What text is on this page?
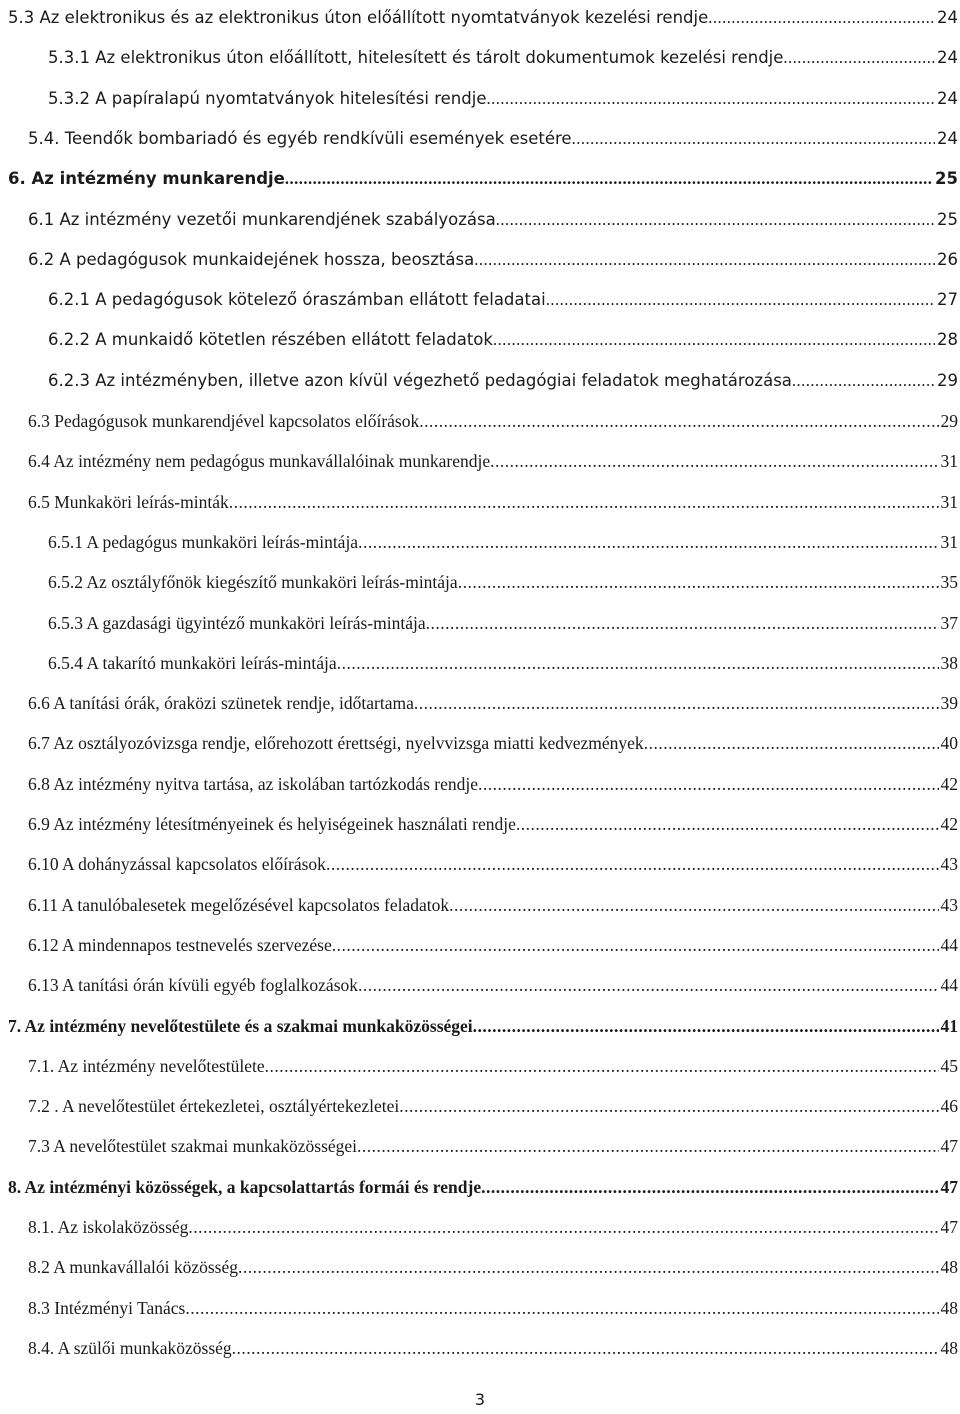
5.3 Az elektronikus és az elektronikus úton előállított nyomtatványok kezelési rendje .....	24
5.3.1 Az elektronikus úton előállított, hitelesített és tárolt dokumentumok kezelési rendje .....	24
5.3.2 A papíralapú nyomtatványok hitelesítési rendje .....	24
5.4. Teendők bombariadó és egyéb rendkívüli események esetére .....	24
6. Az intézmény munkarendje .....	25
6.1 Az intézmény vezetői munkarendjének szabályozása .....	25
6.2 A pedagógusok munkaidejének hossza, beosztása .....	26
6.2.1 A pedagógusok kötelező óraszámban ellátott feladatai .....	27
6.2.2 A munkaidő kötetlen részében ellátott feladatok .....	28
6.2.3 Az intézményben, illetve azon kívül végezhető pedagógiai feladatok meghatározása .....	29
6.3 Pedagógusok munkarendjével kapcsolatos előírások .....	29
6.4 Az intézmény nem pedagógus munkavállalóinak munkarendje .....	31
6.5 Munkaköri leírás-minták .....	31
6.5.1 A pedagógus munkaköri leírás-mintája .....	31
6.5.2 Az osztályfőnök kiegészítő munkaköri leírás-mintája .....	35
6.5.3 A gazdasági ügyintéző munkaköri leírás-mintája .....	37
6.5.4 A takarító munkaköri leírás-mintája .....	38
6.6 A tanítási órák, óraközi szünetek rendje, időtartama .....	39
6.7 Az osztályozóvizsga rendje, előrehozott érettségi, nyelvvizsga miatti kedvezmények .....	40
6.8 Az intézmény nyitva tartása, az iskolában tartózkodás rendje .....	42
6.9 Az intézmény létesítményeinek és helyiségeinek használati rendje .....	42
6.10 A dohányzással kapcsolatos előírások .....	43
6.11 A tanulóbalesetek megelőzésével kapcsolatos feladatok .....	43
6.12 A mindennapos testnevelés szervezése .....	44
6.13 A tanítási órán kívüli egyéb foglalkozások .....	44
7. Az intézmény nevelőtestülete és a szakmai munkaközösségei .....	41
7.1. Az intézmény nevelőtestülete .....	45
7.2 . A nevelőtestület értekezletei, osztályértekezletei .....	46
7.3 A nevelőtestület szakmai munkaközösségei .....	47
8. Az intézményi közösségek, a kapcsolattartás formái és rendje .....	47
8.1. Az iskolaközösség .....	47
8.2 A munkavállalói közösség .....	48
8.3 Intézményi Tanács .....	48
8.4. A szülői munkaközösség .....	48
3
